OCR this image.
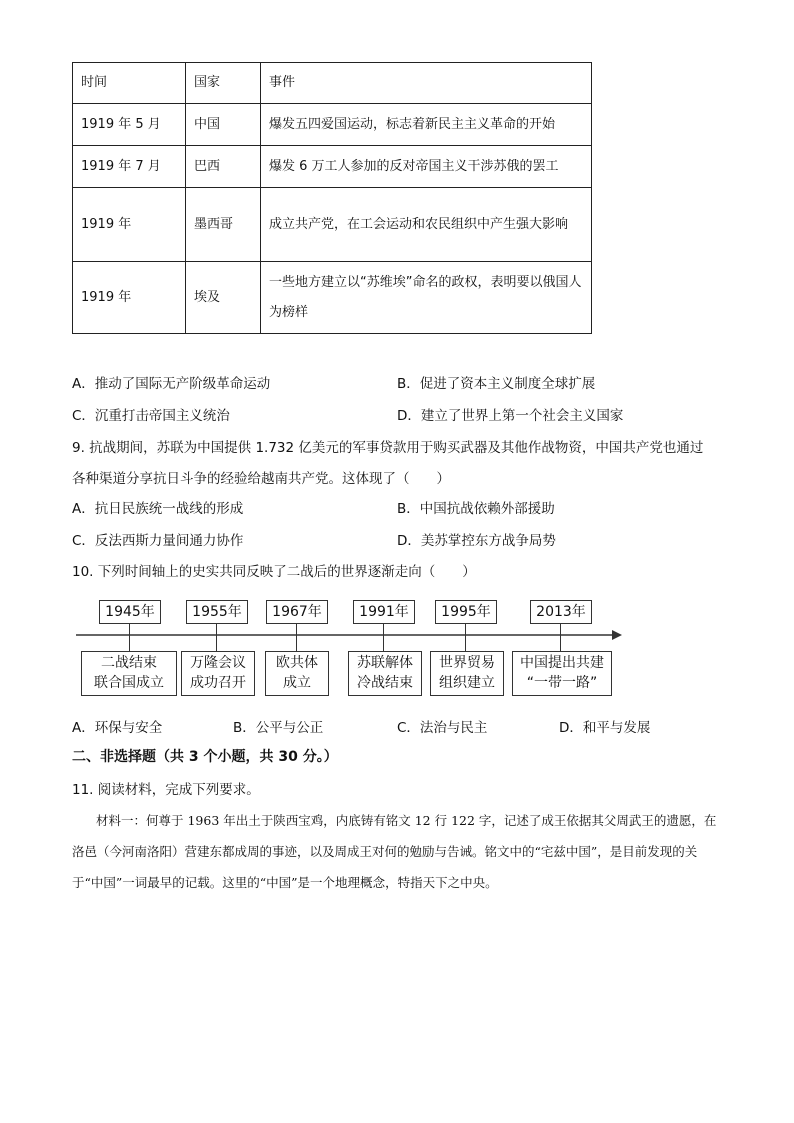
时间	国家	事件
1919 年 5 月	中国	爆发五四爱国运动，标志着新民主主义革命的开始
1919 年 7 月	巴西	爆发 6 万工人参加的反对帝国主义干涉苏俄的罢工
1919 年	墨西哥	成立共产党，在工会运动和农民组织中产生强大影响
1919 年	埃及	一些地方建立以“苏维埃”命名的政权，表明要以俄国人为榜样
A．推动了国际无产阶级革命运动	B．促进了资本主义制度全球扩展
C．沉重打击帝国主义统治	D．建立了世界上第一个社会主义国家
9. 抗战期间，苏联为中国提供 1.732 亿美元的军事贷款用于购买武器及其他作战物资，中国共产党也通过
各种渠道分享抗日斗争的经验给越南共产党。这体现了（　　）
A．抗日民族统一战线的形成	B．中国抗战依赖外部援助
C．反法西斯力量间通力协作	D．美苏掌控东方战争局势
10. 下列时间轴上的史实共同反映了二战后的世界逐渐走向（　　）
1945年	1955年	1967年	1991年	1995年	2013年
二战结束
联合国成立
万隆会议
成功召开
欧共体
成立
苏联解体
冷战结束
世界贸易
组织建立
中国提出共建
“一带一路”
A．环保与安全	B．公平与公正	C．法治与民主	D．和平与发展
二、非选择题（共 3 个小题，共 30 分。）
11. 阅读材料，完成下列要求。
材料一：何尊于 1963 年出土于陕西宝鸡，内底铸有铭文 12 行 122 字，记述了成王依据其父周武王的遗愿，在洛邑（今河南洛阳）营建东都成周的事迹，以及周成王对何的勉励与告诫。铭文中的“宅兹中国”，是目前发现的关于“中国”一词最早的记载。这里的“中国”是一个地理概念，特指天下之中央。
